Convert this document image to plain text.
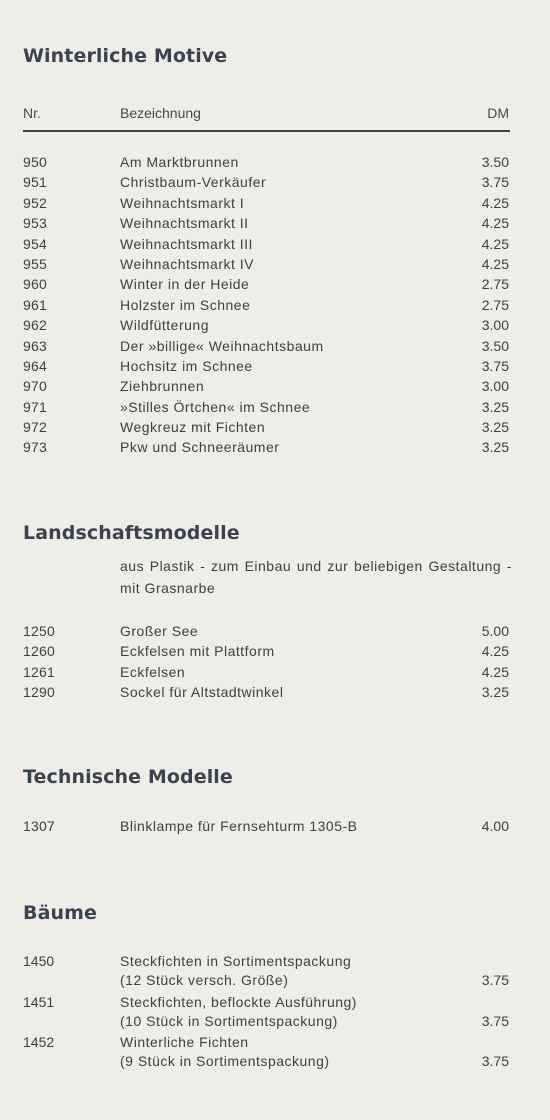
Winterliche Motive
Nr.	Bezeichnung	DM
950	Am Marktbrunnen	3.50
951	Christbaum-Verkäufer	3.75
952	Weihnachtsmarkt I	4.25
953	Weihnachtsmarkt II	4.25
954	Weihnachtsmarkt III	4.25
955	Weihnachtsmarkt IV	4.25
960	Winter in der Heide	2.75
961	Holzster im Schnee	2.75
962	Wildfütterung	3.00
963	Der »billige« Weihnachtsbaum	3.50
964	Hochsitz im Schnee	3.75
970	Ziehbrunnen	3.00
971	»Stilles Örtchen« im Schnee	3.25
972	Wegkreuz mit Fichten	3.25
973	Pkw und Schneeräumer	3.25
Landschaftsmodelle
aus Plastik - zum Einbau und zur beliebigen Gestaltung - mit Grasnarbe
1250	Großer See	5.00
1260	Eckfelsen mit Plattform	4.25
1261	Eckfelsen	4.25
1290	Sockel für Altstadtwinkel	3.25
Technische Modelle
1307	Blinklampe für Fernsehturm 1305-B	4.00
Bäume
1450	Steckfichten in Sortimentspackung
(12 Stück versch. Größe)	3.75
1451	Steckfichten, beflockte Ausführung)
(10 Stück in Sortimentspackung)	3.75
1452	Winterliche Fichten
(9 Stück in Sortimentspackung)	3.75
